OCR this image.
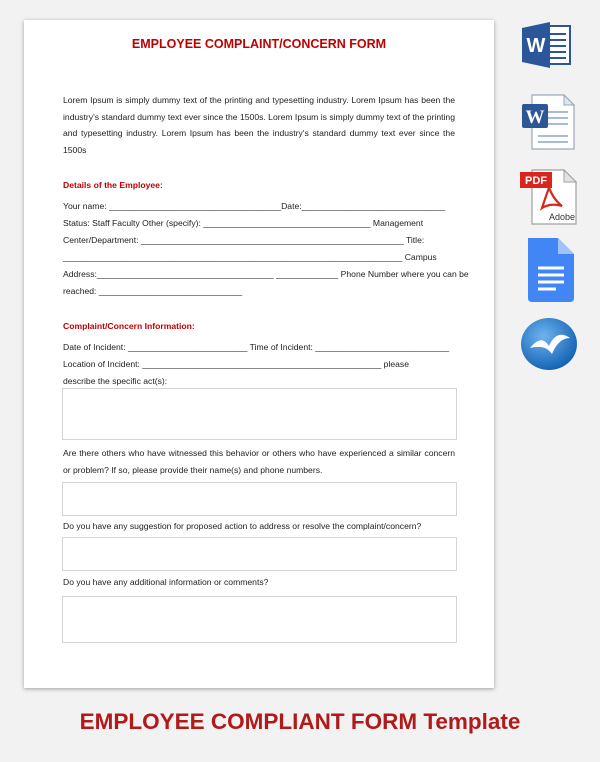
EMPLOYEE COMPLAINT/CONCERN FORM
Lorem Ipsum is simply dummy text of the printing and typesetting industry. Lorem Ipsum has been the industry's standard dummy text ever since the 1500s. Lorem Ipsum is simply dummy text of the printing and typesetting industry. Lorem Ipsum has been the industry's standard dummy text ever since the 1500s
Details of the Employee:
Your name: ____________________________________Date:______________________________
Status: Staff Faculty Other (specify): ___________________________________ Management
Center/Department: _______________________________________________________ Title:
_______________________________________________________________________ Campus
Address:_____________________________________ _____________ Phone Number where you can be
reached: ______________________________
Complaint/Concern Information:
Date of Incident: _________________________ Time of Incident: ____________________________
Location of Incident: __________________________________________________ please
describe the specific act(s):
Are there others who have witnessed this behavior or others who have experienced a similar concern or problem? If so, please provide their name(s) and phone numbers.
Do you have any suggestion for proposed action to address or resolve the complaint/concern?
Do you have any additional information or comments?
W
W
PDF
Adobe
EMPLOYEE COMPLIANT FORM Template
